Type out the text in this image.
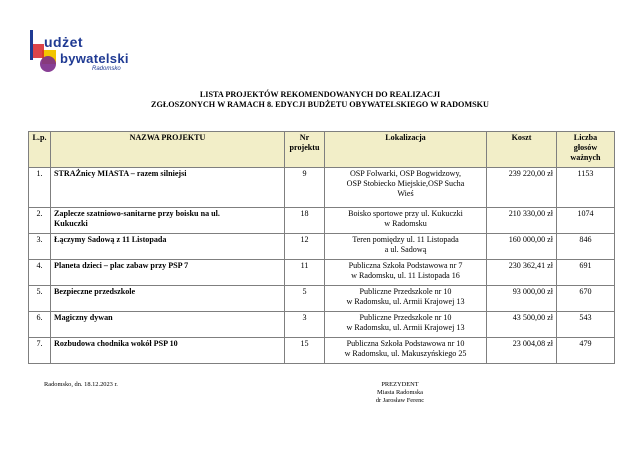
udżet
bywatelski
Radomsko
LISTA PROJEKTÓW REKOMENDOWANYCH DO REALIZACJI
ZGŁOSZONYCH W RAMACH 8. EDYCJI BUDŻETU OBYWATELSKIEGO W RADOMSKU
L.p.	NAZWA PROJEKTU	Nr
projektu	Lokalizacja	Koszt	Liczba
głosów
ważnych
1.	STRAŻnicy MIASTA – razem silniejsi	9	OSP Folwarki, OSP Bogwidzowy,
OSP Stobiecko Miejskie,OSP Sucha
Wieś	239 220,00 zł	1153
2.	Zaplecze szatniowo-sanitarne przy boisku na ul.
Kukuczki	18	Boisko sportowe przy ul. Kukuczki
w Radomsku	210 330,00 zł	1074
3.	Łączymy Sadową z 11 Listopada	12	Teren pomiędzy ul. 11 Listopada
a ul. Sadową	160 000,00 zł	846
4.	Planeta dzieci – plac zabaw przy PSP 7	11	Publiczna Szkoła Podstawowa nr 7
w Radomsku, ul. 11 Listopada 16	230 362,41 zł	691
5.	Bezpieczne przedszkole	5	Publiczne Przedszkole nr 10
w Radomsku, ul. Armii Krajowej 13	93 000,00 zł	670
6.	Magiczny dywan	3	Publiczne Przedszkole nr 10
w Radomsku, ul. Armii Krajowej 13	43 500,00 zł	543
7.	Rozbudowa chodnika wokół PSP 10	15	Publiczna Szkoła Podstawowa nr 10
w Radomsku, ul. Makuszyńskiego 25	23 004,08 zł	479
Radomsko, dn. 18.12.2023 r.	PREZYDENT
Miasta Radomska
dr Jarosław Ferenc
